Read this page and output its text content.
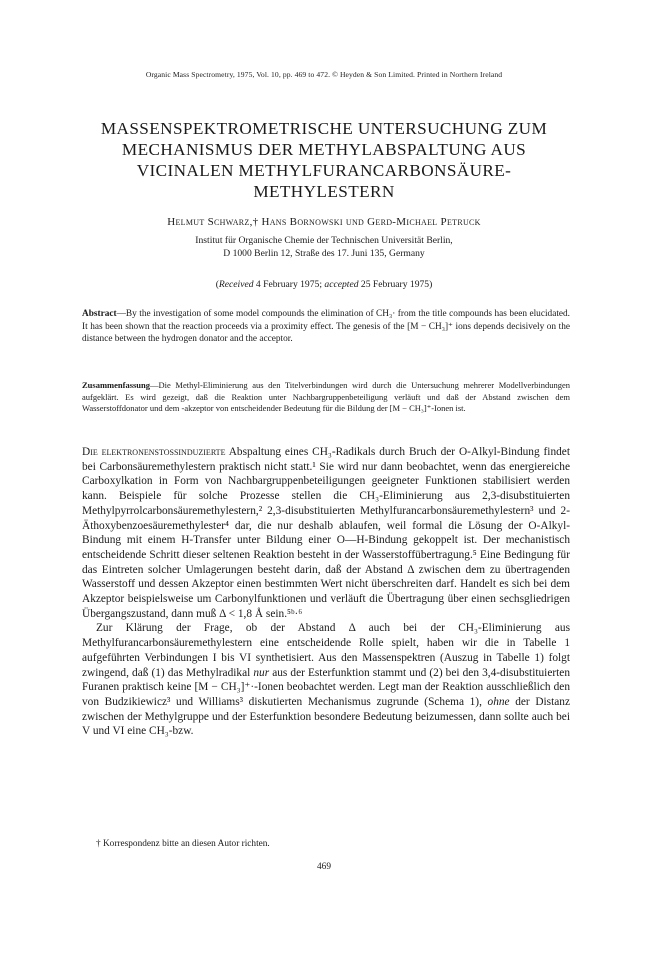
Organic Mass Spectrometry, 1975, Vol. 10, pp. 469 to 472. © Heyden & Son Limited. Printed in Northern Ireland
MASSENSPEKTROMETRISCHE UNTERSUCHUNG ZUM
MECHANISMUS DER METHYLABSPALTUNG AUS
VICINALEN METHYLFURANCARBONSÄURE-
METHYLESTERN
Helmut Schwarz,† Hans Bornowski und Gerd-Michael Petruck
Institut für Organische Chemie der Technischen Universität Berlin,
D 1000 Berlin 12, Straße des 17. Juni 135, Germany
(Received 4 February 1975; accepted 25 February 1975)
Abstract—By the investigation of some model compounds the elimination of CH₃· from the title compounds has been elucidated. It has been shown that the reaction proceeds via a proximity effect. The genesis of the [M − CH₃]⁺ ions depends decisively on the distance between the hydrogen donator and the acceptor.
Zusammenfassung—Die Methyl-Eliminierung aus den Titelverbindungen wird durch die Untersuchung mehrerer Modellverbindungen aufgeklärt. Es wird gezeigt, daß die Reaktion unter Nachbargruppenbeteiligung verläuft und daß der Abstand zwischen dem Wasserstoffdonator und dem -akzeptor von entscheidender Bedeutung für die Bildung der [M − CH₃]⁺-Ionen ist.

Die elektronenstoßinduzierte Abspaltung eines CH₃-Radikals durch Bruch der O-Alkyl-Bindung findet bei Carbonsäuremethylestern praktisch nicht statt.¹ Sie wird nur dann beobachtet, wenn das energiereiche Carboxylkation in Form von Nachbargruppenbeteiligungen geeigneter Funktionen stabilisiert werden kann. Beispiele für solche Prozesse stellen die CH₃-Eliminierung aus 2,3-disubstituierten Methylpyrrolcarbonsäuremethylestern,² 2,3-disubstituierten Methylfurancarbonsäuremethylestern³ und 2-Äthoxybenzoesäuremethylester⁴ dar, die nur deshalb ablaufen, weil formal die Lösung der O-Alkyl-Bindung mit einem H-Transfer unter Bildung einer O—H-Bindung gekoppelt ist. Der mechanistisch entscheidende Schritt dieser seltenen Reaktion besteht in der Wasserstoffübertragung.⁵ Eine Bedingung für das Eintreten solcher Umlagerungen besteht darin, daß der Abstand Δ zwischen dem zu übertragenden Wasserstoff und dessen Akzeptor einen bestimmten Wert nicht überschreiten darf. Handelt es sich bei dem Akzeptor beispielsweise um Carbonylfunktionen und verläuft die Übertragung über einen sechsgliedrigen Übergangszustand, dann muß Δ < 1,8 Å sein.⁵ᵇ·⁶

Zur Klärung der Frage, ob der Abstand Δ auch bei der CH₃-Eliminierung aus Methylfurancarbonsäuremethylestern eine entscheidende Rolle spielt, haben wir die in Tabelle 1 aufgeführten Verbindungen I bis VI synthetisiert. Aus den Massenspektren (Auszug in Tabelle 1) folgt zwingend, daß (1) das Methylradikal nur aus der Esterfunktion stammt und (2) bei den 3,4-disubstituierten Furanen praktisch keine [M − CH₃]⁺·-Ionen beobachtet werden. Legt man der Reaktion ausschließlich den von Budzikiewicz³ und Williams³ diskutierten Mechanismus zugrunde (Schema 1), ohne der Distanz zwischen der Methylgruppe und der Esterfunktion besondere Bedeutung beizumessen, dann sollte auch bei V und VI eine CH₃-bzw.

† Korrespondenz bitte an diesen Autor richten.
469
